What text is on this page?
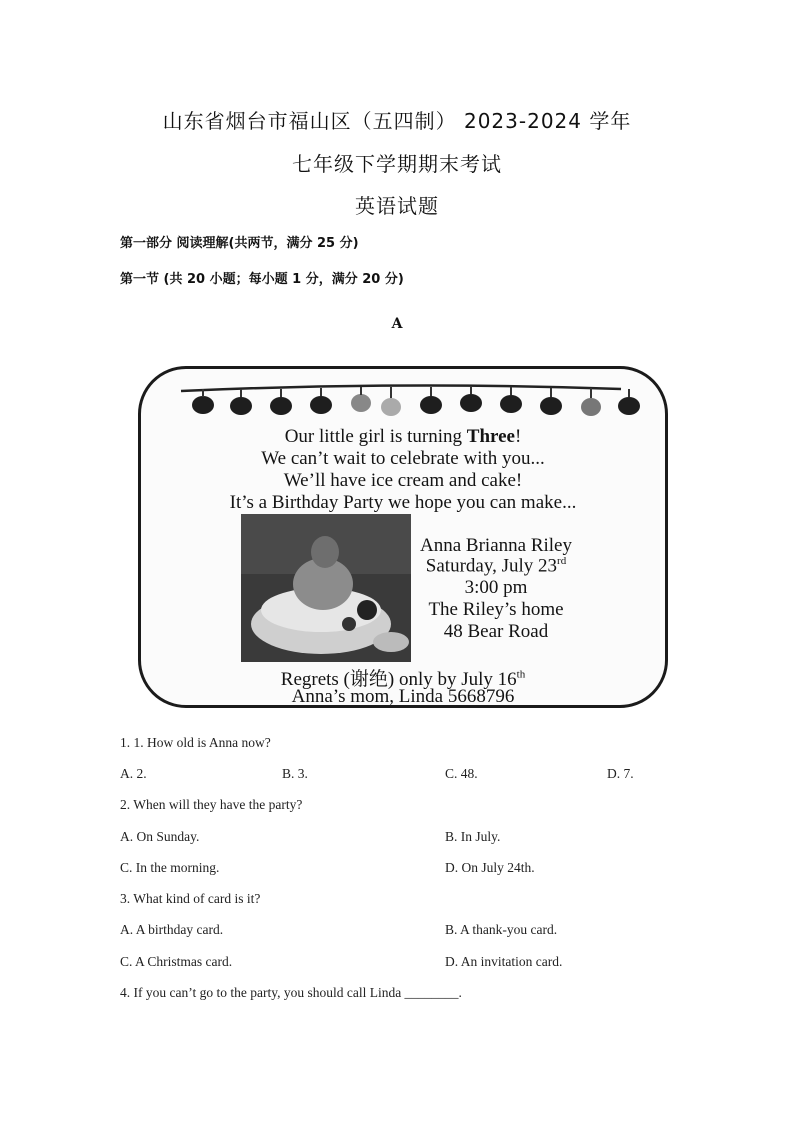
山东省烟台市福山区（五四制） 2023-2024 学年
七年级下学期期末考试
英语试题
第一部分 阅读理解(共两节，满分 25 分)
第一节 (共 20 小题；每小题 1 分，满分 20 分)
A
Our little girl is turning Three!
We can’t wait to celebrate with you...
We’ll have ice cream and cake!
It’s a Birthday Party we hope you can make...
Anna Brianna Riley
Saturday, July 23rd
3:00 pm
The Riley’s home
48 Bear Road
Regrets (谢绝) only by July 16th
Anna’s mom, Linda 5668796
1. 1. How old is Anna now?
A. 2.	B. 3.	C. 48.	D. 7.
2. When will they have the party?
A. On Sunday.	B. In July.
C. In the morning.	D. On July 24th.
3. What kind of card is it?
A. A birthday card.	B. A thank-you card.
C. A Christmas card.	D. An invitation card.
4. If you can’t go to the party, you should call Linda ________.
